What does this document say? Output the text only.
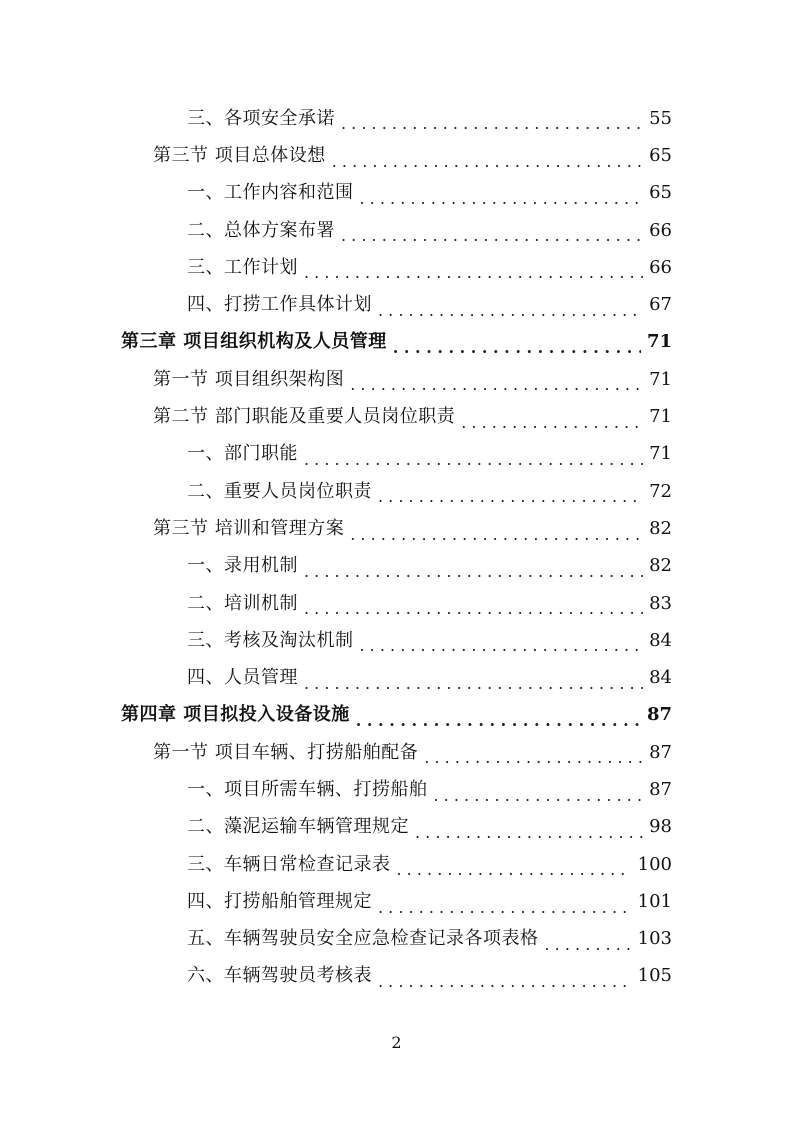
三、各项安全承诺 . . .	55
第三节 项目总体设想 . . .	65
一、工作内容和范围 . . .	65
二、总体方案布署 . . .	66
三、工作计划 . . .	66
四、打捞工作具体计划 . . .	67
第三章 项目组织机构及人员管理 . . .	71
第一节 项目组织架构图 . . .	71
第二节 部门职能及重要人员岗位职责 . . .	71
一、部门职能 . . .	71
二、重要人员岗位职责 . . .	72
第三节 培训和管理方案 . . .	82
一、录用机制 . . .	82
二、培训机制 . . .	83
三、考核及淘汰机制 . . .	84
四、人员管理 . . .	84
第四章 项目拟投入设备设施 . . .	87
第一节 项目车辆、打捞船舶配备 . . .	87
一、项目所需车辆、打捞船舶 . . .	87
二、藻泥运输车辆管理规定 . . .	98
三、车辆日常检查记录表 . . .	100
四、打捞船舶管理规定 . . .	101
五、车辆驾驶员安全应急检查记录各项表格 . . .	103
六、车辆驾驶员考核表 . . .	105
2
